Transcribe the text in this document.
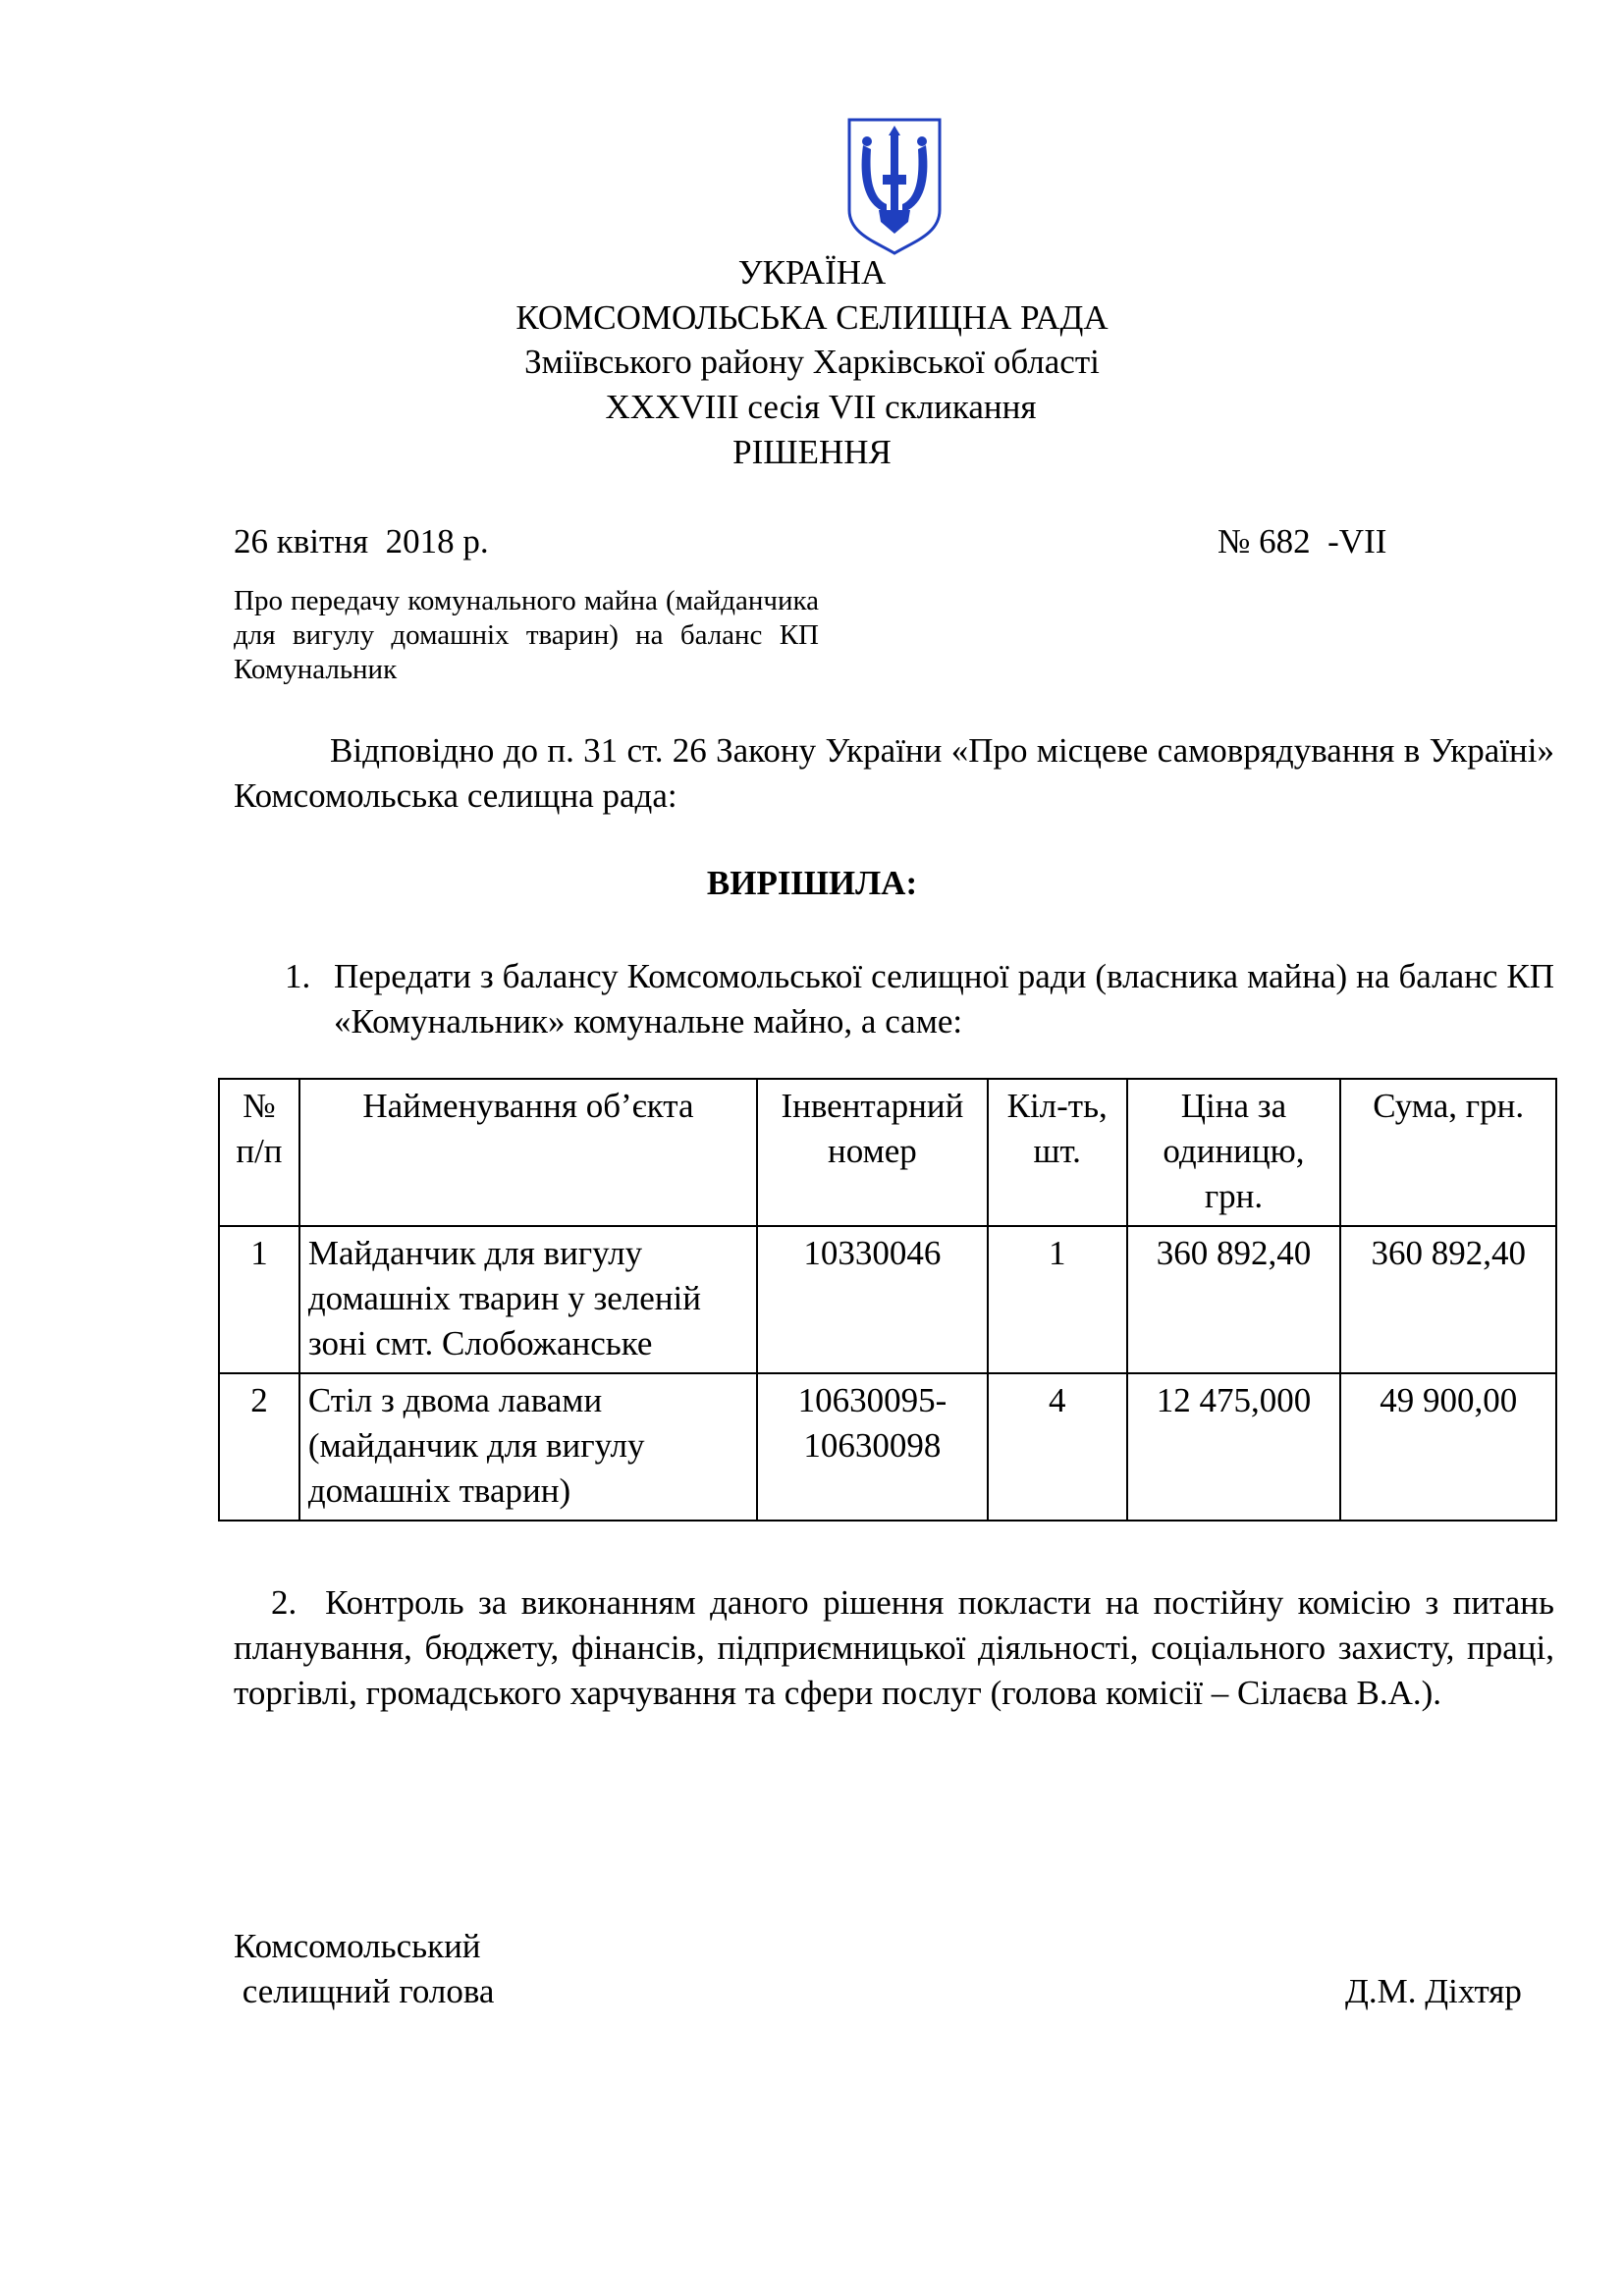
УКРАЇНА
КОМСОМОЛЬСЬКА СЕЛИЩНА РАДА
Зміївського району Харківської області
XXXVIII сесія VII скликання
РІШЕННЯ
26 квітня  2018 р.	№ 682  -VII
Про передачу комунального майна (майданчика для вигулу домашніх тварин) на баланс КП Комунальник
Відповідно до п. 31 ст. 26 Закону України «Про місцеве самоврядування в Україні» Комсомольська селищна рада:
ВИРІШИЛА:
1. Передати з балансу Комсомольської селищної ради (власника майна) на баланс КП «Комунальник» комунальне майно, а саме:
№ п/п	Найменування об’єкта	Інвентарний номер	Кіл-ть, шт.	Ціна за одиницю, грн.	Сума, грн.
1	Майданчик для вигулу домашніх тварин у зеленій зоні смт. Слобожанське	10330046	1	360 892,40	360 892,40
2	Стіл з двома лавами (майданчик для вигулу домашніх тварин)	10630095-10630098	4	12 475,000	49 900,00
2. Контроль за виконанням даного рішення покласти на постійну комісію з питань планування, бюджету, фінансів, підприємницької діяльності, соціального захисту, праці, торгівлі, громадського харчування та сфери послуг (голова комісії – Сілаєва В.А.).
Комсомольський
селищний голова	Д.М. Діхтяр
